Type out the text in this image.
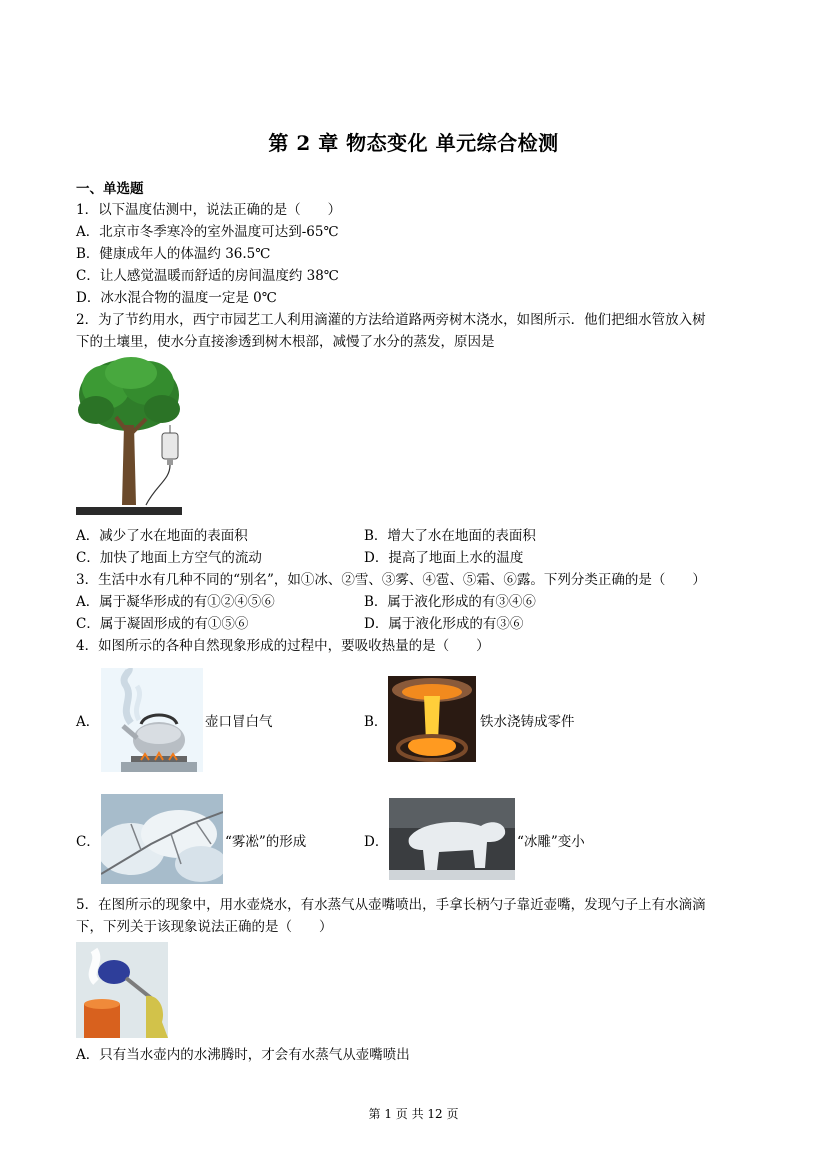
第 2 章 物态变化 单元综合检测
一、单选题
1．以下温度估测中，说法正确的是（　　）
A．北京市冬季寒冷的室外温度可达到-65℃
B．健康成年人的体温约 36.5℃
C．让人感觉温暖而舒适的房间温度约 38℃
D．冰水混合物的温度一定是 0℃
2．为了节约用水，西宁市园艺工人利用滴灌的方法给道路两旁树木浇水，如图所示．他们把细水管放入树
下的土壤里，使水分直接渗透到树木根部，减慢了水分的蒸发，原因是
A．减少了水在地面的表面积	B．增大了水在地面的表面积
C．加快了地面上方空气的流动	D．提高了地面上水的温度
3．生活中水有几种不同的“别名”，如①冰、②雪、③雾、④雹、⑤霜、⑥露。下列分类正确的是（　　）
A．属于凝华形成的有①②④⑤⑥	B．属于液化形成的有③④⑥
C．属于凝固形成的有①⑤⑥	D．属于液化形成的有③⑥
4．如图所示的各种自然现象形成的过程中，要吸收热量的是（　　）
A．	壶口冒白气	B．	铁水浇铸成零件
C．	“雾凇”的形成	D．	“冰雕”变小
5．在图所示的现象中，用水壶烧水，有水蒸气从壶嘴喷出，手拿长柄勺子靠近壶嘴，发现勺子上有水滴滴
下，下列关于该现象说法正确的是（　　）
A．只有当水壶内的水沸腾时，才会有水蒸气从壶嘴喷出
第 1 页 共 12 页
